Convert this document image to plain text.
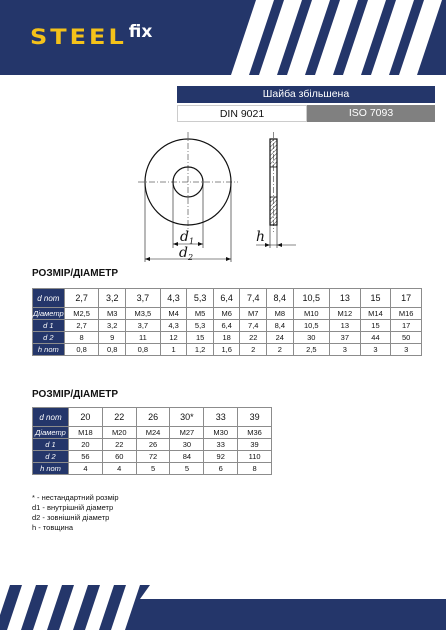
STEEL fix
Шайба збільшена
DIN 9021	ISO 7093
d 1
d 2
h
РОЗМІР/ДІАМЕТР
d nom	2,7	3,2	3,7	4,3	5,3	6,4	7,4	8,4	10,5	13	15	17
Діаметр	M2,5	M3	M3,5	M4	M5	M6	M7	M8	M10	M12	M14	M16
d 1	2,7	3,2	3,7	4,3	5,3	6,4	7,4	8,4	10,5	13	15	17
d 2	8	9	11	12	15	18	22	24	30	37	44	50
h nom	0,8	0,8	0,8	1	1,2	1,6	2	2	2,5	3	3	3
РОЗМІР/ДІАМЕТР
d nom	20	22	26	30*	33	39
Діаметр	M18	M20	M24	M27	M30	M36
d 1	20	22	26	30	33	39
d 2	56	60	72	84	92	110
h nom	4	4	5	5	6	8
* - нестандартний розмір
d1 - внутрішній діаметр
d2 - зовнішній діаметр
h - товщина
